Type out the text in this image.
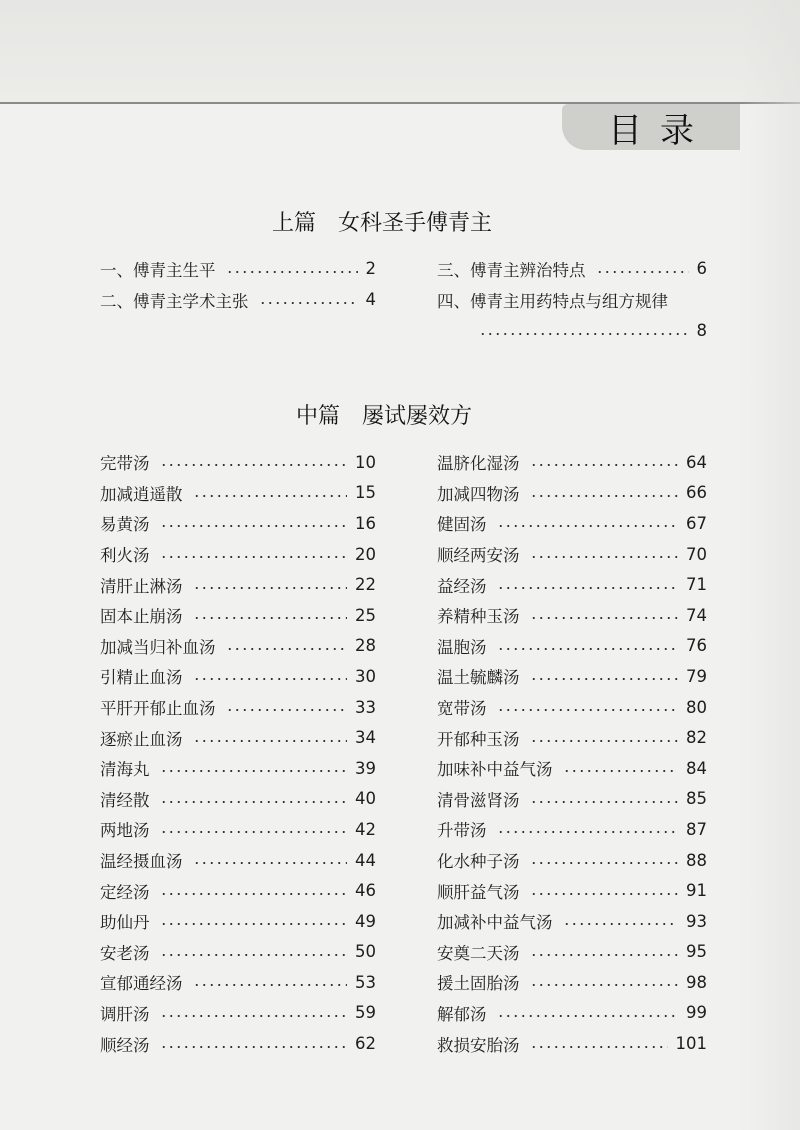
目录
上篇　女科圣手傅青主
一、傅青主生平	2
二、傅青主学术主张	4
三、傅青主辨治特点	6
四、傅青主用药特点与组方规律
8
中篇　屡试屡效方
完带汤	10
加减逍遥散	15
易黄汤	16
利火汤	20
清肝止淋汤	22
固本止崩汤	25
加减当归补血汤	28
引精止血汤	30
平肝开郁止血汤	33
逐瘀止血汤	34
清海丸	39
清经散	40
两地汤	42
温经摄血汤	44
定经汤	46
助仙丹	49
安老汤	50
宣郁通经汤	53
调肝汤	59
顺经汤	62
温脐化湿汤	64
加减四物汤	66
健固汤	67
顺经两安汤	70
益经汤	71
养精种玉汤	74
温胞汤	76
温土毓麟汤	79
宽带汤	80
开郁种玉汤	82
加味补中益气汤	84
清骨滋肾汤	85
升带汤	87
化水种子汤	88
顺肝益气汤	91
加减补中益气汤	93
安奠二天汤	95
援土固胎汤	98
解郁汤	99
救损安胎汤	101
